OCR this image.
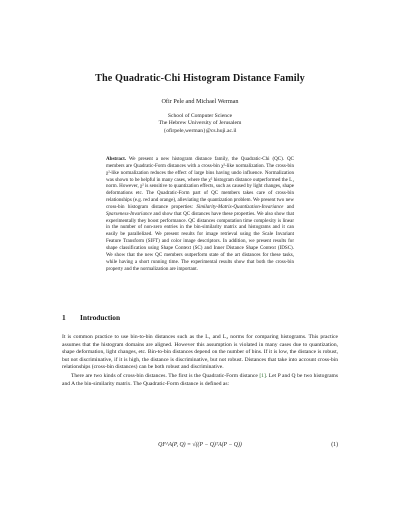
The Quadratic-Chi Histogram Distance Family
Ofir Pele and Michael Werman
School of Computer Science
The Hebrew University of Jerusalem
{ofirpele,werman}@cs.huji.ac.il
Abstract. We present a new histogram distance family, the Quadratic-Chi (QC). QC members are Quadratic-Form distances with a cross-bin χ²-like normalization. The cross-bin χ²-like normalization reduces the effect of large bins having undo influence. Normalization was shown to be helpful in many cases, where the χ² histogram distance outperformed the L₁ norm. However, χ² is sensitive to quantization effects, such as caused by light changes, shape deformations etc. The Quadratic-Form part of QC members takes care of cross-bin relationships (e.g. red and orange), alleviating the quantization problem. We present two new cross-bin histogram distance properties: Similarity-Matrix-Quantization-Invariance and Sparseness-Invariance and show that QC distances have these properties. We also show that experimentally they boost performance. QC distances computation time complexity is linear in the number of non-zero entries in the bin-similarity matrix and histograms and it can easily be parallelized. We present results for image retrieval using the Scale Invariant Feature Transform (SIFT) and color image descriptors. In addition, we present results for shape classification using Shape Context (SC) and Inner Distance Shape Context (IDSC). We show that the new QC members outperform state of the art distances for these tasks, while having a short running time. The experimental results show that both the cross-bin property and the normalization are important.
1 Introduction

It is common practice to use bin-to-bin distances such as the L₁ and L₂ norms for comparing histograms. This practice assumes that the histogram domains are aligned. However this assumption is violated in many cases due to quantization, shape deformation, light changes, etc. Bin-to-bin distances depend on the number of bins. If it is low, the distance is robust, but not discriminative, if it is high, the distance is discriminative, but not robust. Distances that take into account cross-bin relationships (cross-bin distances) can be both robust and discriminative.

There are two kinds of cross-bin distances. The first is the Quadratic-Form distance [1]. Let P and Q be two histograms and A the bin-similarity matrix. The Quadratic-Form distance is defined as:

QF^A(P, Q) = √((P − Q)ᵀA(P − Q))	(1)
